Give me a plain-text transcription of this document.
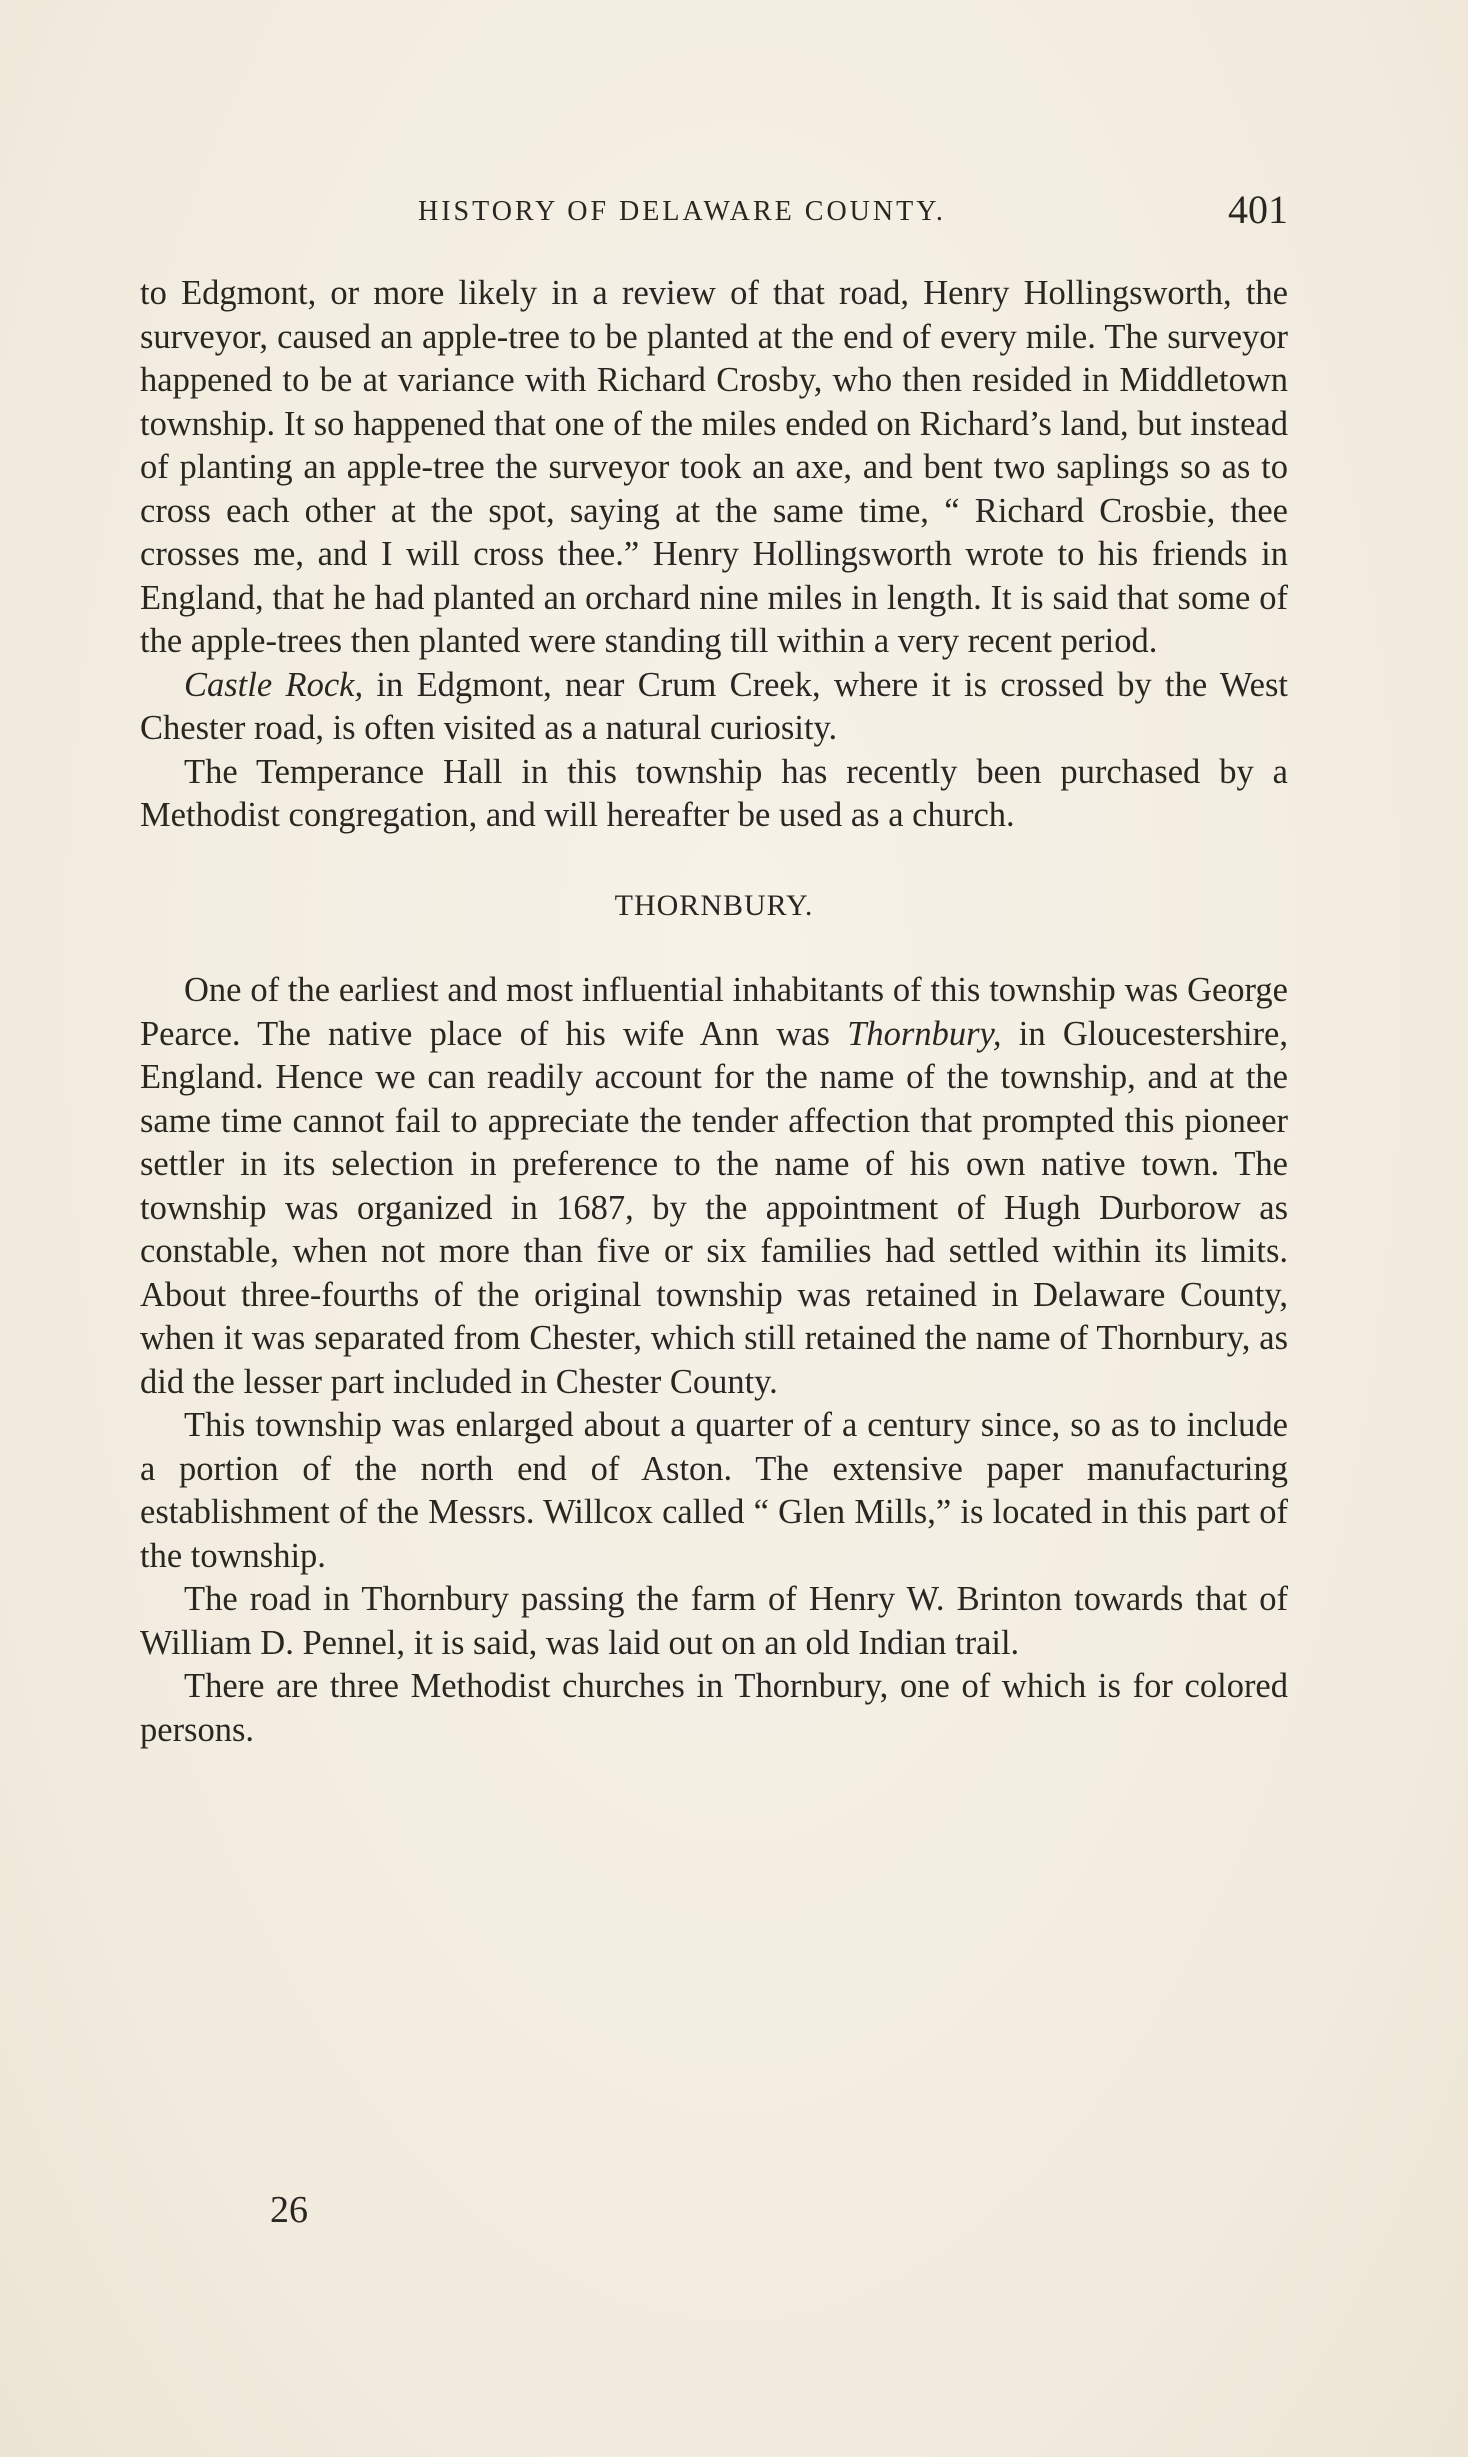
HISTORY OF DELAWARE COUNTY.	401

to Edgmont, or more likely in a review of that road, Henry Hollingsworth, the surveyor, caused an apple-tree to be planted at the end of every mile. The surveyor happened to be at variance with Richard Crosby, who then resided in Middletown township. It so happened that one of the miles ended on Richard’s land, but instead of planting an apple-tree the surveyor took an axe, and bent two saplings so as to cross each other at the spot, saying at the same time, “ Richard Crosbie, thee crosses me, and I will cross thee.” Henry Hollingsworth wrote to his friends in England, that he had planted an orchard nine miles in length. It is said that some of the apple-trees then planted were standing till within a very recent period.

Castle Rock, in Edgmont, near Crum Creek, where it is crossed by the West Chester road, is often visited as a natural curiosity.

The Temperance Hall in this township has recently been purchased by a Methodist congregation, and will hereafter be used as a church.

THORNBURY.

One of the earliest and most influential inhabitants of this township was George Pearce. The native place of his wife Ann was Thornbury, in Gloucestershire, England. Hence we can readily account for the name of the township, and at the same time cannot fail to appreciate the tender affection that prompted this pioneer settler in its selection in preference to the name of his own native town. The township was organized in 1687, by the appointment of Hugh Durborow as constable, when not more than five or six families had settled within its limits. About three-fourths of the original township was retained in Delaware County, when it was separated from Chester, which still retained the name of Thornbury, as did the lesser part included in Chester County.

This township was enlarged about a quarter of a century since, so as to include a portion of the north end of Aston. The extensive paper manufacturing establishment of the Messrs. Willcox called “ Glen Mills,” is located in this part of the township.

The road in Thornbury passing the farm of Henry W. Brinton towards that of William D. Pennel, it is said, was laid out on an old Indian trail.

There are three Methodist churches in Thornbury, one of which is for colored persons.

26
